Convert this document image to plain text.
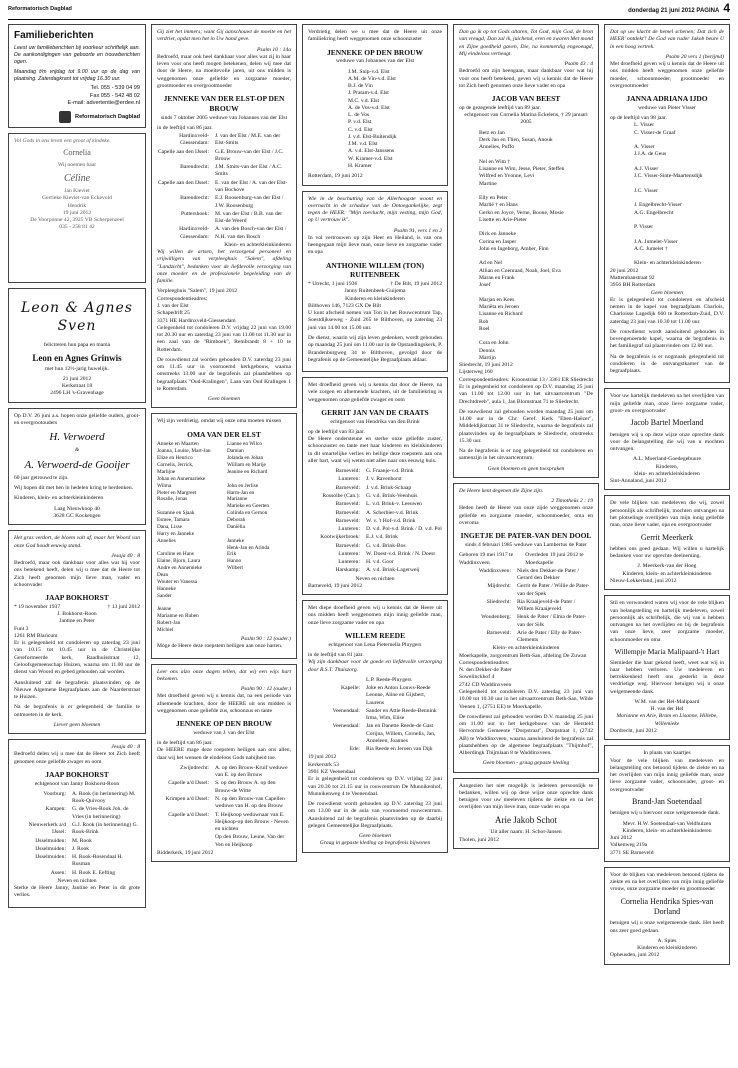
Reformatorisch Dagblad	donderdag 21 juni 2012 PAGINA 4
Familieberichten

Leest uw familieberichten bij voorkeur schriftelijk aan. De aankondigingen van geboorte en trouwberichten ogen.

Maandag t/m vrijdag tot 9.00 uur op de dag van plaatsing. Zaterdagkrant tot vrijdag 16.30 uur.

Tel. 055 - 539 04 99
Fax 055 - 542 48 02
E-mail: advertentie@erdee.nl
Reformatorisch Dagblad

Vol Gods in ons leven een groot of kindeke.

Cornelia
Wij noemen haar
Céline
Jan Kieviet
Gerrieke Kieviet-van Eckevold
Hendrik
19 juni 2012
De Voorponne 42, 3925 VB Scherpenzeel
035 - 258 81 42
Leon & Agnes Sven
feliciteren hun papa en mama
Leon en Agnes Grinwis
met hun 12½-jarig huwelijk.
21 juni 2012
Kerkstraat 18
2496 LH 's-Gravenhage

Op D.V. 26 juni a.s. hopen onze geliefde ouders, groot- en overgrootouders

H. Verwoerd
&
A. Verwoerd-de Gooijer

60 jaar getrouwd te zijn.

Wij hopen dit met hen in hedelen kring te herdenken.

Kinderen, klein- en achterkleinkinderen

Laag Nieuwkoop 40
3628 GC Kockengen

Het gras verdort, de bloem valt af, maar het Woord van onze God houdt eeuwig stand.

Jesaja 40 : 8

Bedroefd, maar ook dankbaar voor alles wat hij voor ons betekend heeft, delen wij u mee dat de Heere tot Zich heeft genomen mijn lieve man, vader en schoonvader

JAAP BOKHORST
* 19 november 1937	† 13 juni 2012
J. Bokhorst-Roon
Jantine en Peter
Funt 3
1261 RM Blaricum

Er is gelegenheid tot condoleren op zaterdag 23 juni van 10.15 tot 10.45 uur in de Christelijke Gereformeerde kerk, Raadhuisstraat 12, Geloofsgemeenschap Huizen, waarna om 11.00 uur de dienst van Woord en gebed gehouden zal worden.

Aansluitend zal de begrafenis plaatsvinden op de Nieuwe Algemene Begraafplaats aan de Naarderstraat te Huizen.

Na de begrafenis is er gelegenheid de familie te ontmoeten in de kerk.

Liever geen bloemen
Jesaja 40 : 8

Bedroefd delen wij u mee dat de Heere tot Zich heeft genomen onze geliefde zwager en oom

JAAP BOKHORST
echtgenoot van Janny Bokhorst-Roon
Voorburg: A. Rook (in herinnering) M. Rook-Quivooy
Kampen: G. de Vries-Rook Joh. de Vries (in herinnering)
Nieuwerkerk a/d IJssel:
G.J. Rook (in herinnering) G. Rook-Brink
IJsselmuiden: M. Rook
IJsselmuiden: J. Rook
IJsselmuiden: H. Rook-Rosendaal H. Rusman
Assen: H. Rook E. Eefting
Neven en nichten

Sterke de Heere Janny, Jantine en Peter in dit grote verlies.

Gij ziet het immers; want Gij aanschouwt de moeite en het verdriet, opdat men het in Uw hand geve.

Psalm 10 : 14a

Bedroefd, maar ook heel dankbaar voor alles wat zij in haar leven voor ons heeft mogen betekenen, delen wij mee dat door de Heere, na moeitevolle jaren, uit ons midden is weggenomen onze geliefde en zorgzame moeder, grootmoeder en overgrootmoeder

JENNEKE VAN DER ELST-OP DEN BROUW
sinds 7 oktober 2005 weduwe van Johannes van der Elst
in de leeftijd van 86 jaar.
Hardinxveld-Giessendam:
J. van der Elst / M.E. van der Elst-Smits
Capelle aan den IJssel: G.E. Brouw-van der Elst / J.C. Brouw
Barendrecht: J.M. Smits-van der Elst / A.C. Smits
Capelle aan den IJssel: E. van der Elst / A. van der Elst-van Bochove
Barendrecht: E.J. Roosenburg-van der Elst / J.W. Roosenburg
Puttershoek: M. van der Elst / B.B. van der Elst-de Weerd
Hardinxveld-Giessendam:
A. van den Bosch-van der Elst / N.H. van den Bosch
Klein- en achterkleinkinderen

Wij willen de artsen, het verzorgend personeel en vrijwilligers van verpleeghuis "Salem", afdeling "Landzicht", bedanken voor de liefdevolle verzorging van onze moeder en de professionele begeleiding van de familie.

Verpleeghuis "Salem", 19 juni 2012
Correspondentieadres:
J. van der Elst
Schapedrift 25
3371 HE Hardinxveld-Giessendam

Gelegenheid tot condoleren D.V. vrijdag 22 juni van 19.00 tot 20.30 uur en zaterdag 23 juni van 11.00 tot 11.30 uur in een zaal van de "Rimboek", Rembrandt 8 + 10 te Rotterdam.

De rouwdienst zal worden gehouden D.V. zaterdag 23 juni om 11.45 uur in voornoemd kerkgebouw, waarna omstreeks 13.00 uur de begrafenis zal plaatshebben op begraafplaats "Oud-Kralingen", Laan van Oud Kralingen 1 te Rotterdam.

Geen bloemen

Wij zijn verdrietig, omdat wij onze oma moeten missen

OMA VAN DER ELST
Anneke en Maarten
Joanna, Louise, Mart-Jan
Elize en Henrico
Cornelis, Jerrick,
Marlijne
Johan en Annemarieke
Wilma
Pieter en Margreet
Rosalie, Jonas

Suzanne en Sjaak
Esmee, Tamara
Dana, Lisse
Harry en Janneke
Annelies

Caroline en Hans
Elaine, Bjorn, Laura
Andre en Annemieke
Dean
Wouter en Vanessa
Hanneke
Sander

Jeanne
Marianne en Ruben
Robert-Jan
Michiel
Lianne en Wilco
Damian
Jolanda en Johan
William en Marije
Jeanine en Richard

John en Jerlise
Harm-Jan en
Marianne
Marieke en Geerten
Colinda en Gernon
Deborah
Daniëlla

Janneke
Henk-Jan en Arinda
Erik
Hanno
Wilbert
Psalm 90 : 12 (ouder.)

Mòge de Heere deze roepstem heiligen aan onze harten.

Leer ons alzo onze dagen tellen, dat wij een wijs hart bekomen.

Psalm 90 : 12 (ouder.)

Met droefheid geven wij u kennis dat, na een periode van afnemende krachten, door de HEERE uit ons midden is weggenomen onze geliefde zus, schoonzus en tante

JENNEKE OP DEN BROUW
weduwe van J. van der Elst
in de leeftijd van 86 jaar.

De HEERE mage deze roepstem heiligen aan ons allen, daar wij het wensen de eindeloos Gods nabijheid toe.

Zwijndrecht: A. op den Brouw-Kruif weduwe van E. op den Brouw
Capelle a/d IJssel: S. op den Brouw A. op den Brouw-de Witte
Krimpen a/d IJssel: N. op den Brouw-van Capellen weduwe van H. op den Brouw
Capelle a/d IJssel: T. Heijkoop weduwnaar van E. Heijkoop-op den Brouw - Neven en nichten
Op den Brouw, Leune, Van der Ven en Heijkoop
Ridderkerk, 19 juni 2012

Verdrietig delen we u mee dat de Heere uit onze familiekring heeft weggenomen onze schoonzuster

JENNEKE OP DEN BROUW
weduwe van Johannes van der Elst
J.M. Snip-v.d. Elst
A.M. de Vin-v.d. Elst
B.J. de Vin
J. Pratam-v.d. Elst
M.C. v.d. Elst
A. de Vos-v.d. Elst
L. de Vos
P. v.d. Elst
C. v.d. Elst
J. v.d. Elst-Buitendijk
J.M. v.d. Elst
A. v.d. Elst-Janssens
W. Kramer-v.d. Elst
H. Kramer
Rotterdam, 19 juni 2012

Wie in de beschutting van de Allerhoogste woont en overnacht in de schaduw van de Ontoegankelijke, zegt tegen de HEER: "Mijn toevlucht, mijn vesting, mijn God, op U vertrouw ik".

Psalm 91, vers 1 en 2

In vol vertrouwen op zijn Heer en Heiland, is van ons heengegaan mijn lieve man, onze lieve en zorgzame vader en opa

ANTHONIE WILLEM (TON) RUITENBEEK
* Utrecht, 1 juni 1936	† De Bilt, 19 juni 2012
Janny Ruitenbeek-Guijema
Kinderen en kleinkinderen
Bilthoven 146, 7123 GX De Bilt

U kunt afscheid nemen van Ton in het Rouwcentrum Tap, Soestdijkseweg - Zuid 265 te Bilthoven, op zaterdag 23 juni van 14.00 tot 15.00 uur.

De dienst, waarin wij zijn leven gedenken, wordt gehouden op maandag 25 juni om 11.00 uur in de Opstandingskerk, P. Brandenburgweg 34 te Bilthoven, gevolgd door de begrafenis op de Gemeentelijke Begraafplaats aldaar.

Met droefheid geven wij u kennis dat door de Heere, na vele zorgen en afnemende krachten, uit de familiekring is weggenomen onze geliefde zwager en oom

GERRIT JAN VAN DE CRAATS
echtgenoot van Hendrika van den Brink
op de leeftijd van 83 jaar.

De Heere ondersteune en sterke onze geliefde zuster, schoonzuster en tante met haar kinderen en kleinkinderen in dit smartelijke verlies en heilige deze roepstem aan ons aller hart, want wij weten niet alles naar ons eeuwig huis.

Barneveld: G. Fraanje-v.d. Brink
Lunteren: J. v. Ravenhorst
Barneveld: J. v.d. Brink-Schaap
Rossolbe (Can.): G. v.d. Brink-Veenhuis
Barneveld: L. v.d. Brink-v. Leeuwen
Barneveld: A. Scherbier-v.d. Brink
Barneveld: W. v. 't Hof-v.d. Brink
Lunteren: D. v.d. Pol-v.d. Brink / D. v.d. Pol
Kootwijkerbroek: E.J. v.d. Brink
Barneveld: G. v.d. Brink-Bos
Lunteren: W. Doest-v.d. Brink / N. Doest
Lunteren: H. v.d. Goor
Harskamp: A. v.d. Brink-Lagerweij
Neven en nichten
Barneveld, 19 juni 2012

Met diepe droefheid geven wij u kennis dat de Heere uit ons midden heeft weggenomen mijn innig geliefde man, onze lieve zorgzame vader en opa

WILLEM REEDE
echtgenoot van Lena Pieternella Pluygers
in de leeftijd van 81 jaar.

Wij zijn dankbaar voor de goede en liefdevolle verzorging door R.S.T. Thuiszorg.

L.P. Reede-Pluygers
Kapelle: Joke en Anton Louws-Reede Leonne, Aline en Gijsbert, Laurens
Veenendaal: Sander en Attie Reede-Bennink Irma, Wim, Elise
Veenendaal: Jan en Danette Reede-de Gast Corijna, Willem, Cornelis, Jan, Anneleen, Joannes
Ede: Ria Reede en Jeroen van Dijk
19 juni 2012
Kerkerstrk 53
3901 KZ Veenendaal

Er is gelegenheid tot condoleren op D.V. vrijdag 22 juni van 20.30 tot 21.15 uur in rouwcentrum De Munnikenhof, Munnikenweg 4 te Veenendaal.

De rouwdienst wordt gehouden op D.V. zaterdag 23 juni om 13.00 uur in de aula van voornoemd rouwcentrum. Aansluitend zal de begrafenis plaatsvinden op de daarbij gelegen Gemeentelijke Begraafplaats.

Geen bloemen
Graag in gepaste kleding op begrafenis bijwonen

Dan ga ik op tot Gods altaren, Tot God, mijn God, de bron van vreugd; Dan zal ik, juichend, eren en zwaren Met mond en Zijne goedheid gaven, Die, na kommerdig engeoeugd, Mij eindeloos verheugt.

Psalm 43 : 4

Bedroefd om zijn heengaan, maar dankbaar voor wat hij voor ons heeft betekend, geven wij u kennis dat de Heere tot Zich heeft genomen onze lieve vader en opa

JACOB VAN BEEST
op de gezegende leeftijd van 89 jaar.
echtgenoot van Cornelia Marina Eckelens, † 29 januari 2005
Betz en Jan
Derk Jan en Tlien, Susan, Anouk
Annelies, Puffo

Nel en Wim †
Lisanne en Wim, Jesse, Pieter, Steffen
Wilfred en Yvonne, Levi
Martine

Elly en Peter
Marlië † en Hans
Gerko en Joyce, Verne, Boone, Mosie
Lisette en Arie-Pieter

Dick en Janneke
Corina en Jasper
John en Ingeborg, Amber, Finn

Ad en Nel
Allian en Coenraad, Noah, Joel, Eva
Maran en Frank
Josef

Marjan en Kees
Mariëta en Jeroen
Lisanne en Richard
Rob
Roel

Cora en John
Dennis
Martijn
Sliedrecht, 19 juni 2012
Lijsterweg 160
Correspondentieadres: Kroonstraat 13 / 3361 ER Sliedrecht

Er is gelegenheid tot condoleren op D.V. maandag 25 juni van 11.00 tot 12.00 uur in het uitvaartcentrum "De Drechtdreeb", aula 1, Jan Blomstraat 71 te Sliedrecht.

De rouwdienst zal gehouden worden maandag 25 juni om 14.00 uur in de Chr. Geref. Kerk "Eben-Haëzer", Middeldijkstraat 31 te Sliedrecht, waarna de begrafenis zal plaatsvinden op de begraafplaats te Sliedrecht, omstreeks 15.30 uur.

Na de begrafenis is er nog gelegenheid tot condoleren en samenzijn in het uitvaartcentrum.

Geen bloemen en geen toespraken

De Heere kent degenen die Zijne zijn.

2 Timotheüs 2 : 19

Heden heeft de Heere van onze zijde weggenomen onze geliefde en zorgzame moeder, schoonmoeder, oma en overoma

INGETJE DE PATER-VAN DEN DOOL
sinds 4 februari 1985 weduwe van Lambertus de Pater
Geboren 19 mei 1917 te Waddinxveen
Overleden 19 juni 2012 te Moerkapelle
Waddinxveen: Niels den Dekker-de Pater / Gerard den Dekker
Mijdrecht: Gerrit de Pater / Willie de Pater-van der Spek
Sliedrecht: Ria Kraaijeveld-de Pater / Willem Kraaijeveld
Woudenberg: Henk de Pater / Elma de Pater-van der Silk
Barneveld: Arie de Pater / Elly de Pater-Clements
Klein- en achterkleinkinderen
Moerkapelle, zorgcentrum Beth-San, afdeling De Zuwan
Correspondentieadres:
N. den Dekker-de Pater
Sowelinckhof 4
2742 CD Waddinxveen

Gelegenheid tot condoleren D.V. zaterdag 23 juni van 10.00 tot 10.30 uur in het uitvaartcentrum Beth-San, Wilde Veenen 1, (2751 EE) te Moerkapelle.

De rouwdienst zal gehouden worden D.V. maandag 25 juni om 11.00 uur in het kerkgebouw van de Hersteld Hervormde Gemeente "Dorpstraat", Dorpstraat 1, (2742 AB) te Waddinxveen, waarna aansluitend de begrafenis zal plaatshebben op de algemene begraafplaats "Thijmhof", Alberdingk Thijmlaan 8 te Waddinxveen.

Geen bloemen - graag gepaste kleding

Aangezien het niet mogelijk is iedereen persoonlijk te bedanken, willen wij op deze wijze onze oprechte dank betuigen voor uw meeleven tijdens de ziekte en na het overlijden van mijn lieve man, onze vader en opa

Arie Jakob Schot
Uit aller naam: H. Schot-Jansen
Tholen, juni 2012

Dat op uw klacht de hemel schenen; Dat zich de HEER' ontdekt'! De God van ruder Jakob beure U in een hoog vertrek.

Psalm 20 vers 1 (berijmd)

Met droefheid geven wij u kennis dat de Heere uit ons midden heeft weggenomen onze geliefde moeder, schoonmoeder, grootmoeder en overgrootmoeder

JANNA ADRIANA IJDO
weduwe van Pieter Visser
op de leeftijd van 98 jaar.
L. Visser
C. Visser-de Graaf

A. Visser
J.J.A. de Geus

A.J. Visser
J.C. Visser-Sinte-Maartensdijk

J.C. Visser

J. Engelbrecht-Visser
A.G. Engelbrecht

P. Visser

J.A. Jumelet-Visser
A.C. Jumelet †

Klein- en achterkleinkinderen
20 juni 2012
Mattembanstraat 92
3956 BH Rotterdam
Geen bloemen

Er is gelegenheid tot condoleren en afscheid nemen in de kapel van begraafplaats Charlois, Charloisse Lagedijk 660 te Rotterdam-Zuid, D.V. zaterdag 23 juni van 10.30 tot 11.00 uur.

De rouwdienst wordt aansluitend gehouden in bovengenoemde kapel, waarna de begrafenis in het familiegraf zal plaatsvinden om 12.00 uur.

Na de begrafenis is er nogmaals gelegenheid tot condoleren in de ontvangstkamer van de begraafplaats.

Voor uw hartelijk medeleven na het overlijden van mijn geliefde man, onze lieve zorgzame vader, groot- en overgrootvader

Jacob Bartel Moerland

betuigen wij u op deze wijze onze oprechte dank voor de belangstelling die wij van u mochten ontvangen.

A.L. Moerland-Goedegebuure
Kinderen,
klein- en achterkleinkinderen
Sint-Annaland, juni 2012

De vele blijken van medeleven die wij, zowel persoonlijk als schriftelijk, mochten ontvangen na het plotselinge overlijden van mijn innig geliefde man, onze lieve vader, opa en overgrootvader

Gerrit Meerkerk

hebben ons goed gedaan. Wij willen u hartelijk bedanken voor uw oprechte deelneming.

J. Meerkerk-van der Hoeg
Kinderen, klein- en achterkleinkinderen
Nieuw-Lekkerland, juni 2012

Stil en verwonderd waren wij voor de vele blijken van belangstelling en hartelijk medeleven, zowel persoonlijk als schriftelijk, die wij van u hebben ontvangen na het overlijden en bij de begrafenis van onze lieve, zeer zorgzame moeder, schoonmoeder en oma

Willempje Maria Malipaard-'t Hart

Siemieder die haar gekend heeft, weet wat wij in haar hebben verloren. Uw medeleven en betrokkenheid heeft ons gesterkt in deze verdrietige weg. Hiervoor betuigen wij u onze welgemeende dank.

W.M. van der Hel-Malipaard
H. van der Hel
Marianne en Arie, Bram en Lisanne, Hillebe, Willemieke
Dordrecht, juni 2012
In plaats van kaartjes

Voor de vele blijken van medeleven en belangstelling ons betoond tijdens de ziekte en na het overlijden van mijn innig geliefde man, onze lieve zorgzame vader, schoonvader, groot- en overgrootvader

Brand-Jan Soetendaal

betuigen wij u hiervoor onze welgemeende dank.

Mevr. H.W. Soetendaal-van Veldhuizen
Kinderen, klein- en achterkleinkinderen
Juni 2012
Valkenweg 219a
3771 SE Barneveld

Voor de blijken van medeleven betoond tijdens de ziekte en na het overlijden van mijn innig geliefde vrouw, onze zorgzame moeder en grootmoeder

Cornelia Hendrika Spies-van Dorland

betuigen wij u onze welgemeende dank. Het heeft ons zeer goed gedaan.

A. Spies
Kinderen en kleinkinderen
Opheusden, juni 2012
